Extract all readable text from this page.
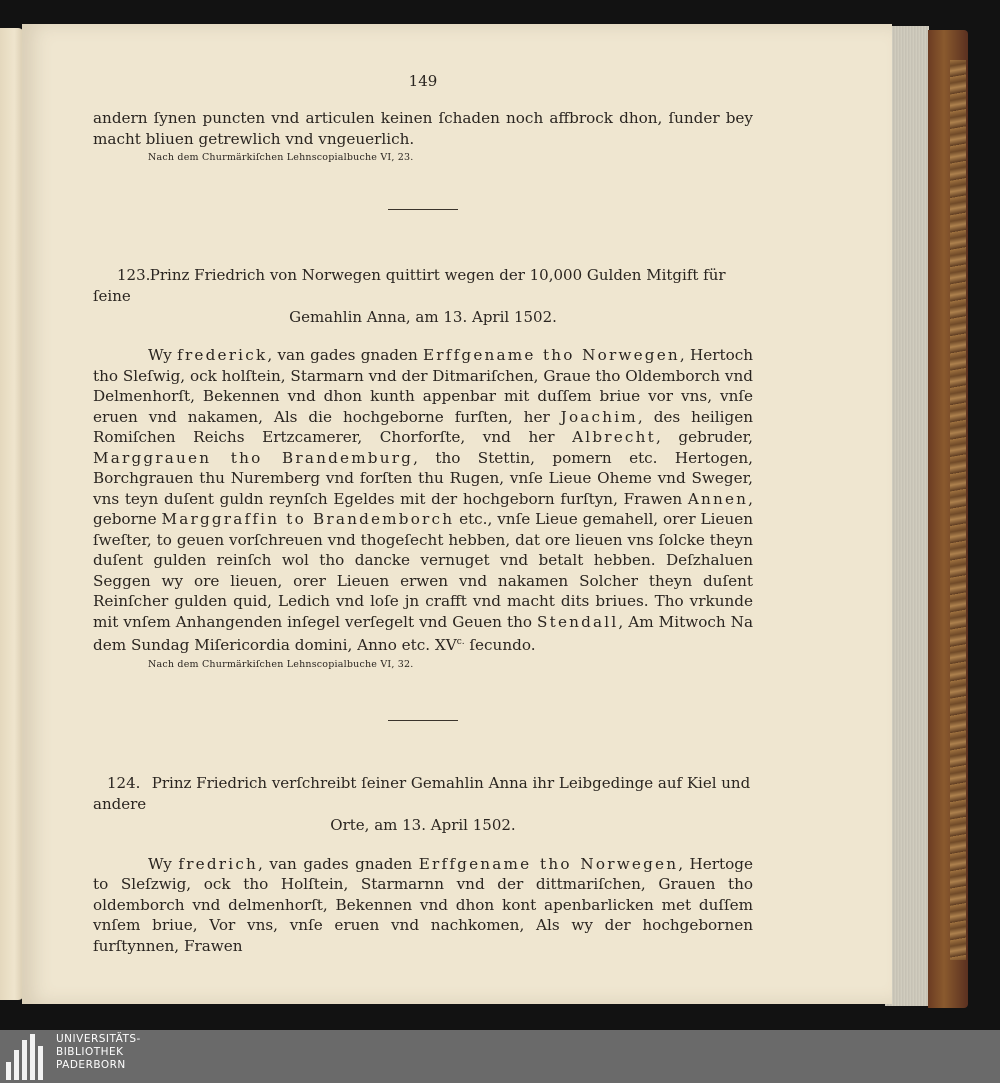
149

andern ſynen puncten vnd articulen keinen ſchaden noch affbrock dhon, ſunder bey macht bliuen getrewlich vnd vngeuerlich.

Nach dem Churmärkiſchen Lehnscopialbuche VI, 23.
123. Prinz Friedrich von Norwegen quittirt wegen der 10,000 Gulden Mitgift für ſeine
Gemahlin Anna, am 13. April 1502.

Wy frederick, van gades gnaden Erffgename tho Norwegen, Hertoch tho Sleſwig, ock holſtein, Starmarn vnd der Ditmariſchen, Graue tho Oldemborch vnd Delmenhorſt, Bekennen vnd dhon kunth appenbar mit duſſem briue vor vns, vnſe eruen vnd nakamen, Als die hochgeborne furſten, her Joachim, des heiligen Romiſchen Reichs Ertzcamerer, Chorforſte, vnd her Albrecht, gebruder, Marggrauen tho Brandemburg, tho Stettin, pomern etc. Hertogen, Borchgrauen thu Nuremberg vnd forſten thu Rugen, vnſe Lieue Oheme vnd Sweger, vns teyn duſent guldn reynſch Egeldes mit der hochgeborn furſtyn, Frawen Annen, geborne Marggraffin to Brandemborch etc., vnſe Lieue gemahell, orer Lieuen ſweſter, to geuen vorſchreuen vnd thogeſecht hebben, dat ore lieuen vns ſolcke theyn duſent gulden reinſch wol tho dancke vernuget vnd betalt hebben. Deſzhaluen Seggen wy ore lieuen, orer Lieuen erwen vnd nakamen Solcher theyn duſent Reinſcher gulden quid, Ledich vnd loſe jn crafft vnd macht dits briues. Tho vrkunde mit vnſem Anhangenden inſegel verſegelt vnd Geuen tho Stendall, Am Mitwoch Na dem Sundag Miſericordia domini, Anno etc. $XV^{c.}$ ſecundo.

Nach dem Churmärkiſchen Lehnscopialbuche VI, 32.
124. Prinz Friedrich verſchreibt ſeiner Gemahlin Anna ihr Leibgedinge auf Kiel und andere
Orte, am 13. April 1502.

Wy fredrich, van gades gnaden Erffgename tho Norwegen, Hertoge to Sleſzwig, ock tho Holſtein, Starmarnn vnd der dittmariſchen, Grauen tho oldemborch vnd delmenhorſt, Bekennen vnd dhon kont apenbarlicken met duſſem vnſem briue, Vor vns, vnſe eruen vnd nachkomen, Als wy der hochgebornen furſtynnen, Frawen

UNIVERSITÄTS-
BIBLIOTHEK
PADERBORN
